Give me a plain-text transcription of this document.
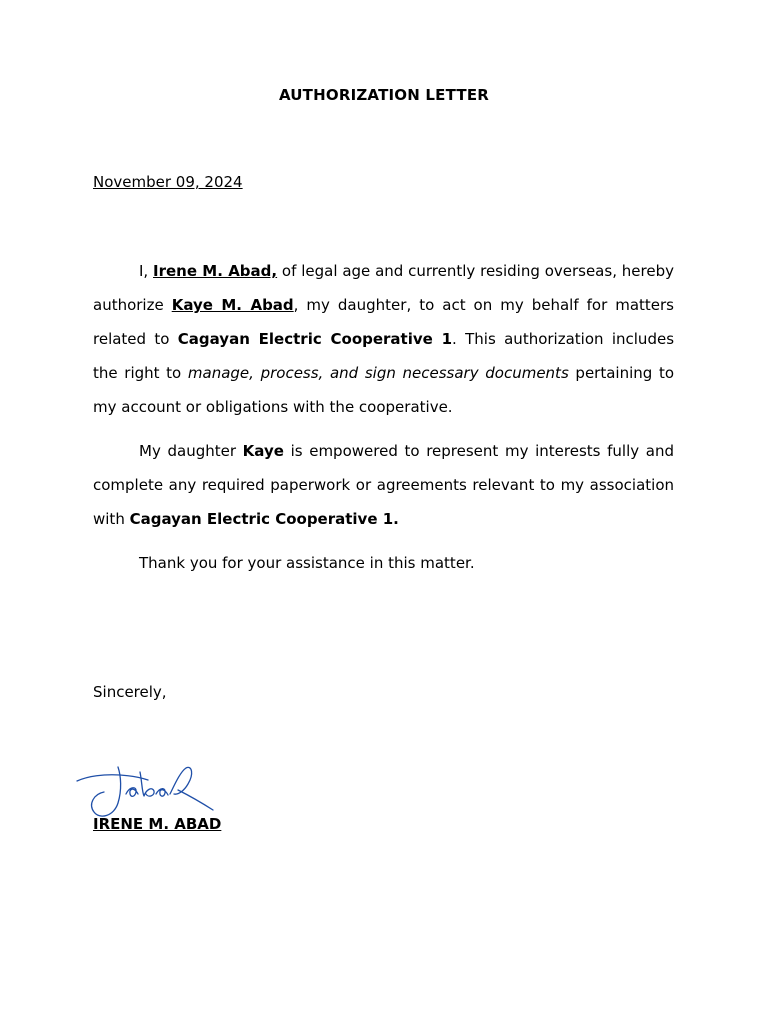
AUTHORIZATION LETTER
November 09, 2024

I, Irene M. Abad, of legal age and currently residing overseas, hereby authorize Kaye M. Abad, my daughter, to act on my behalf for matters related to Cagayan Electric Cooperative 1. This authorization includes the right to manage, process, and sign necessary documents pertaining to my account or obligations with the cooperative.

My daughter Kaye is empowered to represent my interests fully and complete any required paperwork or agreements relevant to my association with Cagayan Electric Cooperative 1.

Thank you for your assistance in this matter.

Sincerely,
IRENE M. ABAD
